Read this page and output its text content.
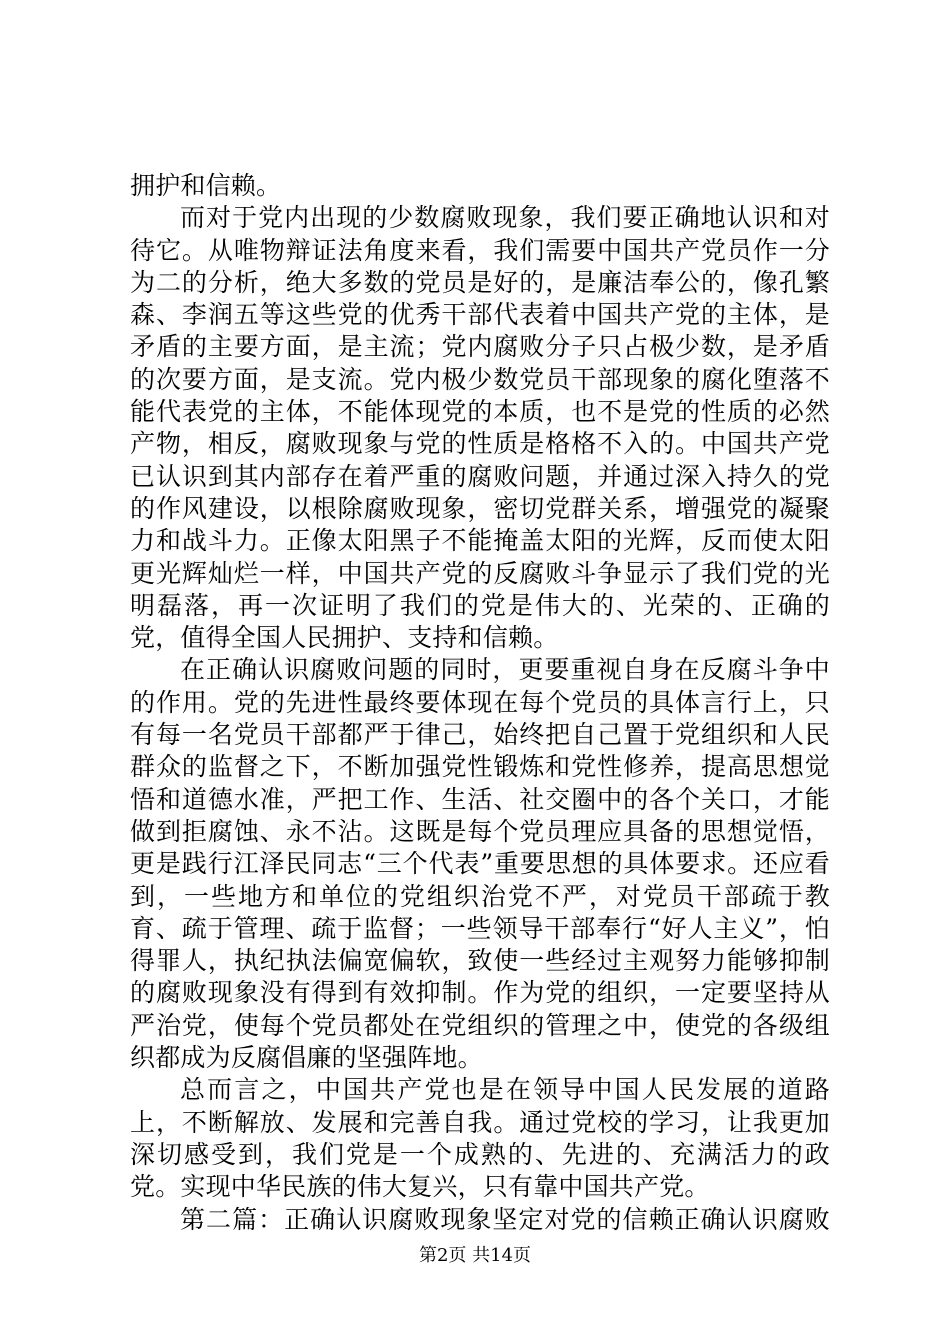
拥护和信赖。

而对于党内出现的少数腐败现象，我们要正确地认识和对待它。从唯物辩证法角度来看，我们需要中国共产党员作一分为二的分析，绝大多数的党员是好的，是廉洁奉公的，像孔繁森、李润五等这些党的优秀干部代表着中国共产党的主体，是矛盾的主要方面，是主流；党内腐败分子只占极少数，是矛盾的次要方面，是支流。党内极少数党员干部现象的腐化堕落不能代表党的主体，不能体现党的本质，也不是党的性质的必然产物，相反，腐败现象与党的性质是格格不入的。中国共产党已认识到其内部存在着严重的腐败问题，并通过深入持久的党的作风建设，以根除腐败现象，密切党群关系，增强党的凝聚力和战斗力。正像太阳黑子不能掩盖太阳的光辉，反而使太阳更光辉灿烂一样，中国共产党的反腐败斗争显示了我们党的光明磊落，再一次证明了我们的党是伟大的、光荣的、正确的党，值得全国人民拥护、支持和信赖。

在正确认识腐败问题的同时，更要重视自身在反腐斗争中的作用。党的先进性最终要体现在每个党员的具体言行上，只有每一名党员干部都严于律己，始终把自己置于党组织和人民群众的监督之下，不断加强党性锻炼和党性修养，提高思想觉悟和道德水准，严把工作、生活、社交圈中的各个关口，才能做到拒腐蚀、永不沾。这既是每个党员理应具备的思想觉悟，更是践行江泽民同志“三个代表”重要思想的具体要求。还应看到，一些地方和单位的党组织治党不严，对党员干部疏于教育、疏于管理、疏于监督；一些领导干部奉行“好人主义”，怕得罪人，执纪执法偏宽偏软，致使一些经过主观努力能够抑制的腐败现象没有得到有效抑制。作为党的组织，一定要坚持从严治党，使每个党员都处在党组织的管理之中，使党的各级组织都成为反腐倡廉的坚强阵地。

总而言之，中国共产党也是在领导中国人民发展的道路上，不断解放、发展和完善自我。通过党校的学习，让我更加深切感受到，我们党是一个成熟的、先进的、充满活力的政党。实现中华民族的伟大复兴，只有靠中国共产党。

第二篇：正确认识腐败现象坚定对党的信赖正确认识腐败

第2页 共14页
